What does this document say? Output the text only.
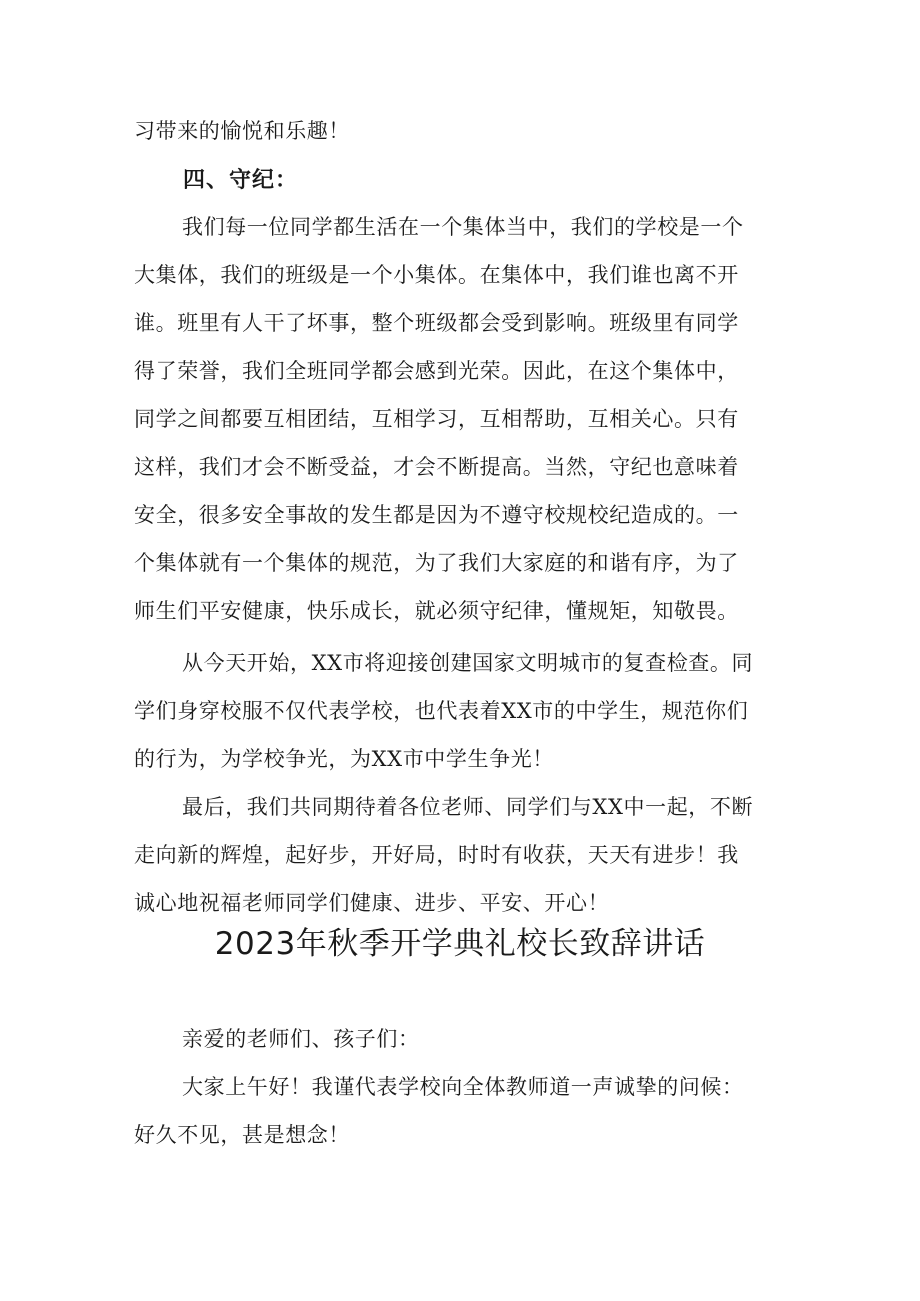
习带来的愉悦和乐趣！

四、守纪：

我们每一位同学都生活在一个集体当中，我们的学校是一个

大集体，我们的班级是一个小集体。在集体中，我们谁也离不开

谁。班里有人干了坏事，整个班级都会受到影响。班级里有同学

得了荣誉，我们全班同学都会感到光荣。因此，在这个集体中，

同学之间都要互相团结，互相学习，互相帮助，互相关心。只有

这样，我们才会不断受益，才会不断提高。当然，守纪也意味着

安全，很多安全事故的发生都是因为不遵守校规校纪造成的。一

个集体就有一个集体的规范，为了我们大家庭的和谐有序，为了

师生们平安健康，快乐成长，就必须守纪律，懂规矩，知敬畏。

从今天开始，XX市将迎接创建国家文明城市的复查检查。同

学们身穿校服不仅代表学校，也代表着XX市的中学生，规范你们

的行为，为学校争光，为XX市中学生争光！

最后，我们共同期待着各位老师、同学们与XX中一起，不断

走向新的辉煌，起好步，开好局，时时有收获，天天有进步！我

诚心地祝福老师同学们健康、进步、平安、开心！

2023年秋季开学典礼校长致辞讲话

亲爱的老师们、孩子们：

大家上午好！我谨代表学校向全体教师道一声诚挚的问候：

好久不见，甚是想念！
